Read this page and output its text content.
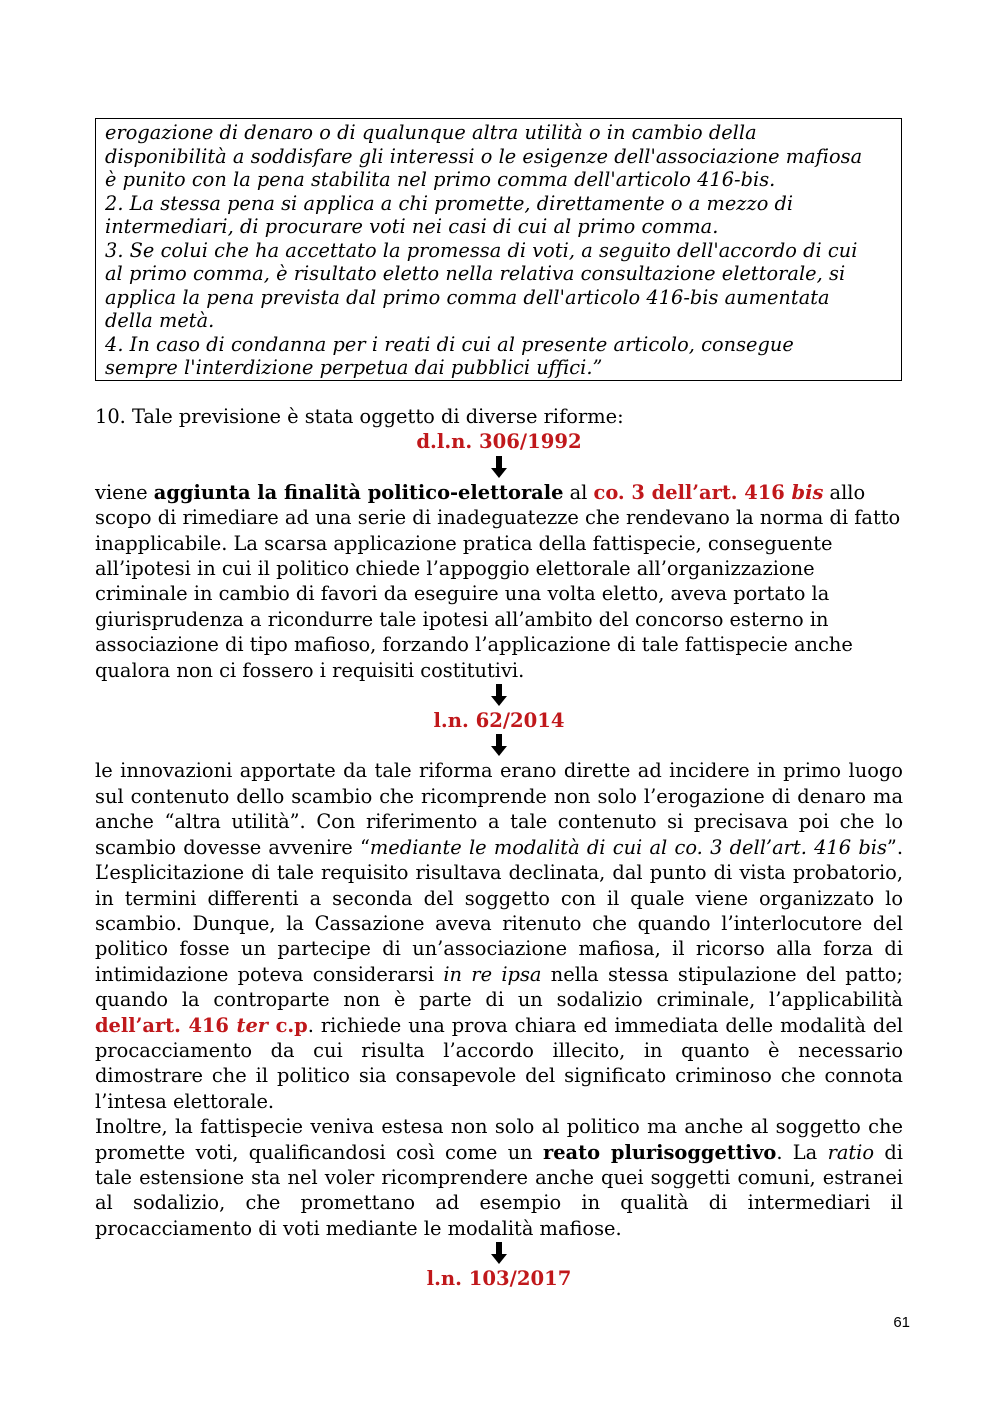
erogazione di denaro o di qualunque altra utilità o in cambio della
disponibilità a soddisfare gli interessi o le esigenze dell'associazione mafiosa
è punito con la pena stabilita nel primo comma dell'articolo 416-bis.
2. La stessa pena si applica a chi promette, direttamente o a mezzo di
intermediari, di procurare voti nei casi di cui al primo comma.
3. Se colui che ha accettato la promessa di voti, a seguito dell'accordo di cui
al primo comma, è risultato eletto nella relativa consultazione elettorale, si
applica la pena prevista dal primo comma dell'articolo 416-bis aumentata
della metà.
4. In caso di condanna per i reati di cui al presente articolo, consegue
sempre l'interdizione perpetua dai pubblici uffici.”
10. Tale previsione è stata oggetto di diverse riforme:
d.l.n. 306/1992
viene aggiunta la finalità politico-elettorale al co. 3 dell’art. 416 bis allo scopo di rimediare ad una serie di inadeguatezze che rendevano la norma di fatto inapplicabile. La scarsa applicazione pratica della fattispecie, conseguente all’ipotesi in cui il politico chiede l’appoggio elettorale all’organizzazione criminale in cambio di favori da eseguire una volta eletto, aveva portato la giurisprudenza a ricondurre tale ipotesi all’ambito del concorso esterno in associazione di tipo mafioso, forzando l’applicazione di tale fattispecie anche qualora non ci fossero i requisiti costitutivi.
l.n. 62/2014
le innovazioni apportate da tale riforma erano dirette ad incidere in primo luogo sul contenuto dello scambio che ricomprende non solo l’erogazione di denaro ma anche “altra utilità”. Con riferimento a tale contenuto si precisava poi che lo scambio dovesse avvenire “mediante le modalità di cui al co. 3 dell’art. 416 bis”. L’esplicitazione di tale requisito risultava declinata, dal punto di vista probatorio, in termini differenti a seconda del soggetto con il quale viene organizzato lo scambio. Dunque, la Cassazione aveva ritenuto che quando l’interlocutore del politico fosse un partecipe di un’associazione mafiosa, il ricorso alla forza di intimidazione poteva considerarsi in re ipsa nella stessa stipulazione del patto; quando la controparte non è parte di un sodalizio criminale, l’applicabilità dell’art. 416 ter c.p. richiede una prova chiara ed immediata delle modalità del procacciamento da cui risulta l’accordo illecito, in quanto è necessario dimostrare che il politico sia consapevole del significato criminoso che connota l’intesa elettorale.
Inoltre, la fattispecie veniva estesa non solo al politico ma anche al soggetto che promette voti, qualificandosi così come un reato plurisoggettivo. La ratio di tale estensione sta nel voler ricomprendere anche quei soggetti comuni, estranei al sodalizio, che promettano ad esempio in qualità di intermediari il procacciamento di voti mediante le modalità mafiose.
l.n. 103/2017
61
